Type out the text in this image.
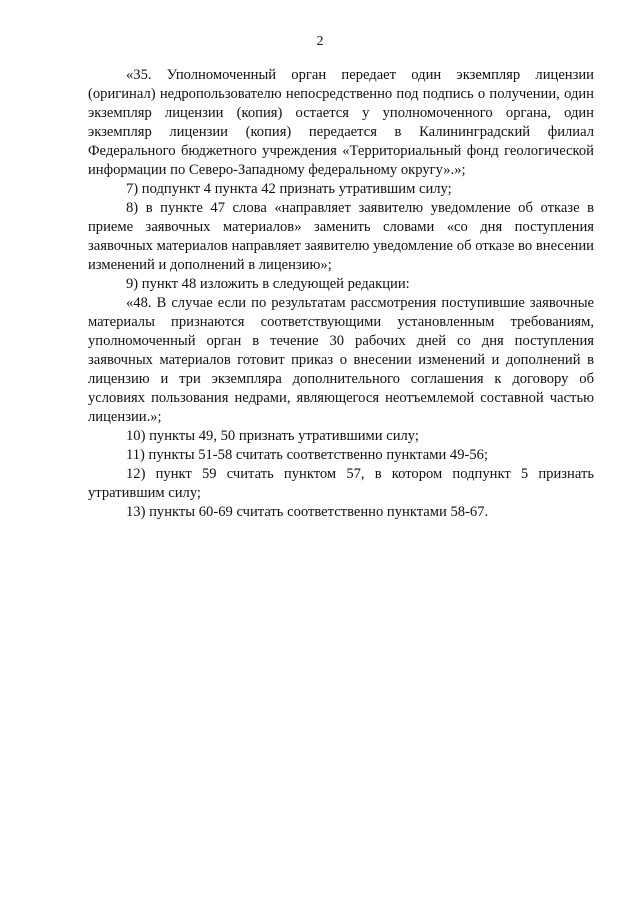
2

«35. Уполномоченный орган передает один экземпляр лицензии (оригинал) недропользователю непосредственно под подпись о получении, один экземпляр лицензии (копия) остается у уполномоченного органа, один экземпляр лицензии (копия) передается в Калининградский филиал Федерального бюджетного учреждения «Территориальный фонд геологической информации по Северо-Западному федеральному округу».»;

7) подпункт 4 пункта 42 признать утратившим силу;

8) в пункте 47 слова «направляет заявителю уведомление об отказе в приеме заявочных материалов» заменить словами «со дня поступления заявочных материалов направляет заявителю уведомление об отказе во внесении изменений и дополнений в лицензию»;

9) пункт 48 изложить в следующей редакции:

«48. В случае если по результатам рассмотрения поступившие заявочные материалы признаются соответствующими установленным требованиям, уполномоченный орган в течение 30 рабочих дней со дня поступления заявочных материалов готовит приказ о внесении изменений и дополнений в лицензию и три экземпляра дополнительного соглашения к договору об условиях пользования недрами, являющегося неотъемлемой составной частью лицензии.»;

10) пункты 49, 50 признать утратившими силу;

11) пункты 51-58 считать соответственно пунктами 49-56;

12) пункт 59 считать пунктом 57, в котором подпункт 5 признать утратившим силу;

13) пункты 60-69 считать соответственно пунктами 58-67.
